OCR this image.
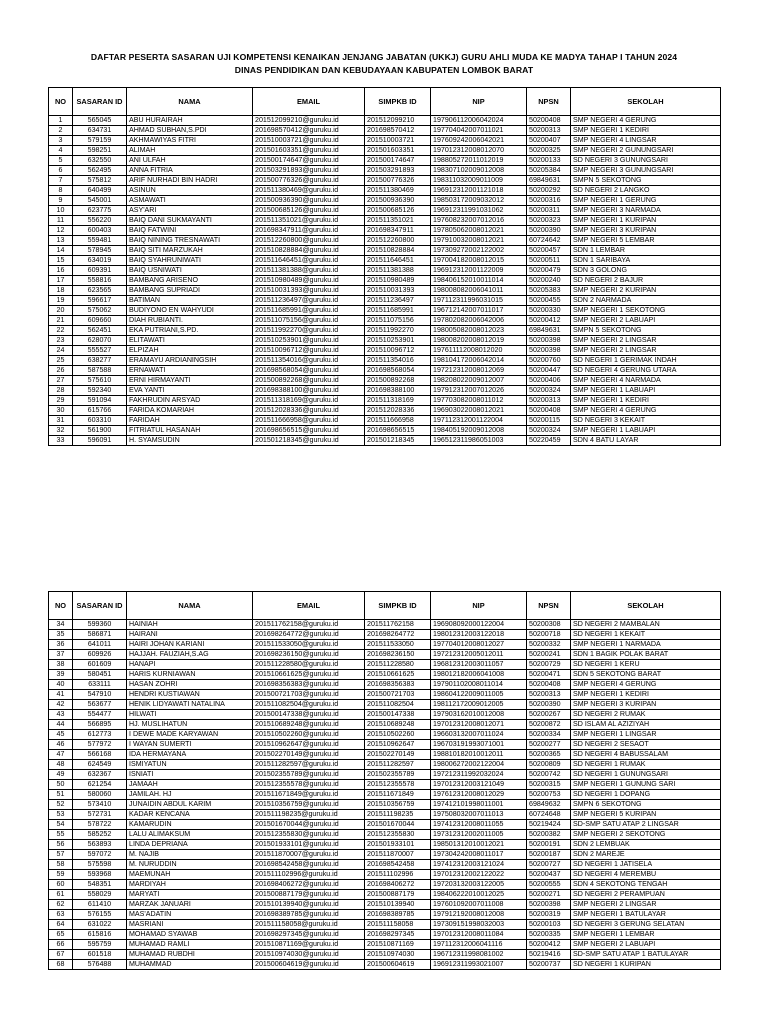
DAFTAR PESERTA SASARAN UJI KOMPETENSI KENAIKAN JENJANG JABATAN (UKKJ) GURU AHLI MUDA KE MADYA TAHAP I TAHUN 2024
DINAS PENDIDIKAN DAN KEBUDAYAAN KABUPATEN LOMBOK BARAT
NO	SASARAN ID	NAMA	EMAIL	SIMPKB ID	NIP	NPSN	SEKOLAH
1	565045	ABU HURAIRAH	201512099210@guruku.id	201512099210	197906112006042024	50200408	SMP NEGERI 4 GERUNG
2	634731	AHMAD SUBHAN,S.PDI	201698570412@guruku.id	201698570412	197704042007011021	50200313	SMP NEGERI 1 KEDIRI
3	579159	AKHMAWIYAS FITRI	201510003721@guruku.id	201510003721	197609242006042021	50200407	SMP NEGERI 4 LINGSAR
4	598251	ALIMAH	201501603351@guruku.id	201501603351	197012312008012070	50200325	SMP NEGERI 2 GUNUNGSARI
5	632550	ANI ULFAH	201500174647@guruku.id	201500174647	198805272011012019	50200133	SD NEGERI 3 GUNUNGSARI
6	562495	ANNA FITRIA	201503291893@guruku.id	201503291893	198307102009012008	50205384	SMP NEGERI 3 GUNUNGSARI
7	575812	ARIF NURHADI BIN HADRI	201500776326@guruku.id	201500776326	198311032009011009	69849631	SMPN 5 SEKOTONG
8	640499	ASINUN	201511380469@guruku.id	201511380469	196912312001121018	50200292	SD NEGERI 2 LANGKO
9	545001	ASMAWATI	201500936390@guruku.id	201500936390	198503172009032012	50200316	SMP NEGERI 1 GERUNG
10	623775	ASY'ARI	201500685126@guruku.id	201500685126	196912311991031062	50200311	SMP NEGERI 3 NARMADA
11	556220	BAIQ DANI SUKMAYANTI	201511351021@guruku.id	201511351021	197608232007012016	50200323	SMP NEGERI 1 KURIPAN
12	600403	BAIQ FATWINI	201698347911@guruku.id	201698347911	197805062008012021	50200390	SMP NEGERI 3 KURIPAN
13	559481	BAIQ NINING TRESNAWATI	201512260800@guruku.id	201512260800	197910032008012021	60724642	SMP NEGERI 5 LEMBAR
14	578945	BAIQ SITI MARZUKAH	201510828884@guruku.id	201510828884	197309272002122002	50200457	SDN 1 LEMBAR
15	634019	BAIQ SYAHRUNIWATI	201511646451@guruku.id	201511646451	197004182008012015	50200511	SDN 1 SARIBAYA
16	609391	BAIQ USNIWATI	201511381388@guruku.id	201511381388	196912312001122009	50200479	SDN 3 GOLONG
17	558816	BAMBANG ARISENO	201510980489@guruku.id	201510980489	198406152010011014	50200240	SD NEGERI 2 BAJUR
18	623565	BAMBANG SUPRIADI	201510031393@guruku.id	201510031393	198008082006041011	50205383	SMP NEGERI 2 KURIPAN
19	596617	BATIMAN	201511236497@guruku.id	201511236497	197112311996031015	50200455	SDN 2 NARMADA
20	575062	BUDIYONO EN WAHYUDI	201511685991@guruku.id	201511685991	196712142007011017	50200330	SMP NEGERI 1 SEKOTONG
21	609660	DIAH RUBIANTI.	201511075156@guruku.id	201511075156	197802082006042006	50200412	SMP NEGERI 2 LABUAPI
22	562451	EKA PUTRIANI,S.PD.	201511992270@guruku.id	201511992270	198005082008012023	69849631	SMPN 5 SEKOTONG
23	628070	ELITAWATI	201510253901@guruku.id	201510253901	198008202008012019	50200398	SMP NEGERI 2 LINGSAR
24	555527	ELPIZAH	201510096712@guruku.id	201510096712	197611112008012020	50200398	SMP NEGERI 2 LINGSAR
25	638277	ERAMAYU ARDIANINGSIH	201511354016@guruku.id	201511354016	198104172006042014	50200760	SD NEGERI 1 GERIMAK INDAH
26	587588	ERNAWATI	201698568054@guruku.id	201698568054	197212312008012069	50200447	SD NEGERI 4 GERUNG UTARA
27	575610	ERNI HIRMAYANTI	201500892268@guruku.id	201500892268	198208022009012007	50200406	SMP NEGERI 4 NARMADA
28	592340	EVA YANTI	201698388100@guruku.id	201698388100	197912312007012026	50200324	SMP NEGERI 1 LABUAPI
29	591094	FAKHRUDIN ARSYAD	201511318169@guruku.id	201511318169	197703082008011012	50200313	SMP NEGERI 1 KEDIRI
30	615766	FARIDA KOMARIAH	201512028336@guruku.id	201512028336	196903022008012021	50200408	SMP NEGERI 4 GERUNG
31	603310	FARIDAH	201511666958@guruku.id	201511666958	197112312001122004	50200115	SD NEGERI 3 KEKAIT
32	561900	FITRIATUL HASANAH	201698656515@guruku.id	201698656515	198405192009012008	50200324	SMP NEGERI 1 LABUAPI
33	596091	H. SYAMSUDIN	201501218345@guruku.id	201501218345	196512311986051003	50220459	SDN 4 BATU LAYAR
NO	SASARAN ID	NAMA	EMAIL	SIMPKB ID	NIP	NPSN	SEKOLAH
34	599360	HAINIAH	201511762158@guruku.id	201511762158	196908092000122004	50200308	SD NEGERI 2 MAMBALAN
35	586871	HAIRANI	201698264772@guruku.id	201698264772	198012312003122018	50200718	SD NEGERI 1 KEKAIT
36	641011	HAIRI JOHAN KARIANI	201511533050@guruku.id	201511533050	197704012008012027	50200332	SMP NEGERI 1 NARMADA
37	609926	HAJJAH. FAUZIAH,S.AG	201698236150@guruku.id	201698236150	197212312005012011	50200241	SDN 1 BAGIK POLAK BARAT
38	601609	HANAPI	201511228580@guruku.id	201511228580	196812312003011057	50200729	SD NEGERI 1 KERU
39	580451	HARIS KURNIAWAN	201510661625@guruku.id	201510661625	198012182006041008	50200471	SDN 5 SEKOTONG BARAT
40	633111	HASAN ZOHRI	201698356383@guruku.id	201698356383	197901102008011014	50200408	SMP NEGERI 4 GERUNG
41	547910	HENDRI KUSTIAWAN	201500721703@guruku.id	201500721703	198604122009011005	50200313	SMP NEGERI 1 KEDIRI
42	563677	HENIK LIDYAWATI NATALINA	201511082504@guruku.id	201511082504	198112172009012005	50200390	SMP NEGERI 3 KURIPAN
43	554477	HILWATI	201500147338@guruku.id	201500147338	197903162010012008	50200267	SD NEGERI 2 RUMAK
44	566895	HJ. MUSLIHATUN	201510689248@guruku.id	201510689248	197012312008012071	50200872	SD ISLAM AL AZIZIYAH
45	612773	I DEWE MADE KARYAWAN	201510502260@guruku.id	201510502260	196603132007011024	50200334	SMP NEGERI 1 LINGSAR
46	577972	I WAYAN SUMERTI	201510962647@guruku.id	201510962647	196703191993071001	50200277	SD NEGERI 2 SESAOT
47	566168	IDA HERMAYANA	201502270149@guruku.id	201502270149	198810182010012011	50200365	SD NEGERI 4 BABUSSALAM
48	624549	ISMIYATUN	201511282597@guruku.id	201511282597	198006272002122004	50200809	SD NEGERI 1 RUMAK
49	632367	ISNIATI	201502355789@guruku.id	201502355789	197212311992032024	50200742	SD NEGERI 1 GUNUNGSARI
50	621254	JAMAAH	201512355578@guruku.id	201512355578	197012312003121049	50200315	SMP NEGERI 1 GUNUNG SARI
51	580060	JAMILAH. HJ	201511671849@guruku.id	201511671849	197612312008012029	50200753	SD NEGERI 1 DOPANG
52	573410	JUNAIDIN ABDUL KARIM	201510356759@guruku.id	201510356759	197412101998011001	69849632	SMPN 6 SEKOTONG
53	572731	KADAR KENCANA	201511198235@guruku.id	201511198235	197508032007011013	60724648	SMP NEGERI 5 KURIPAN
54	578722	KAMARUDIN	201501670044@guruku.id	201501670044	197412312008011055	50219424	SD-SMP SATU ATAP 2 LINGSAR
55	585252	LALU ALIMAKSUM	201512355830@guruku.id	201512355830	197312312002011005	50200382	SMP NEGERI 2 SEKOTONG
56	563893	LINDA DEPRIANA	201501933101@guruku.id	201501933101	198501312010012021	50200191	SDN 2 LEMBUAK
57	597072	M. NAJIB	201511870007@guruku.id	201511870007	197304242008011017	50200187	SDN 2 MAREJE
58	575598	M. NURUDDIN	201698542458@guruku.id	201698542458	197412312003121024	50200727	SD NEGERI 1 JATISELA
59	593968	MAEMUNAH	201511102996@guruku.id	201511102996	197012312002122022	50200437	SD NEGERI 4 MEREMBU
60	548351	MARDIYAH	201698406272@guruku.id	201698406272	197203132003122005	50200555	SDN 4 SEKOTONG TENGAH
61	558029	MARYATI	201500887179@guruku.id	201500887179	198406222010012025	50200271	SD NEGERI 2 PERAMPUAN
62	611410	MARZAK JANUARI	201510139940@guruku.id	201510139940	197601092007011008	50200398	SMP NEGERI 2 LINGSAR
63	576155	MAS'ADATIN	201698389785@guruku.id	201698389785	197912192008012008	50200319	SMP NEGERI 1 BATULAYAR
64	631022	MASRIANI	201511158058@guruku.id	201511158058	197309151998032003	50200103	SD NEGERI 3 GERUNG SELATAN
65	615816	MOHAMAD SYAWAB	201698297345@guruku.id	201698297345	197012312008011084	50200335	SMP NEGERI 1 LEMBAR
66	595759	MUHAMAD RAMLI	201510871169@guruku.id	201510871169	197112312006041116	50200412	SMP NEGERI 2 LABUAPI
67	601518	MUHAMAD RUBDHI	201510974030@guruku.id	201510974030	196712311998081002	50219416	SD-SMP SATU ATAP 1 BATULAYAR
68	576488	MUHAMMAD	201500604619@guruku.id	201500604619	196912311993021007	50200737	SD NEGERI 1 KURIPAN
